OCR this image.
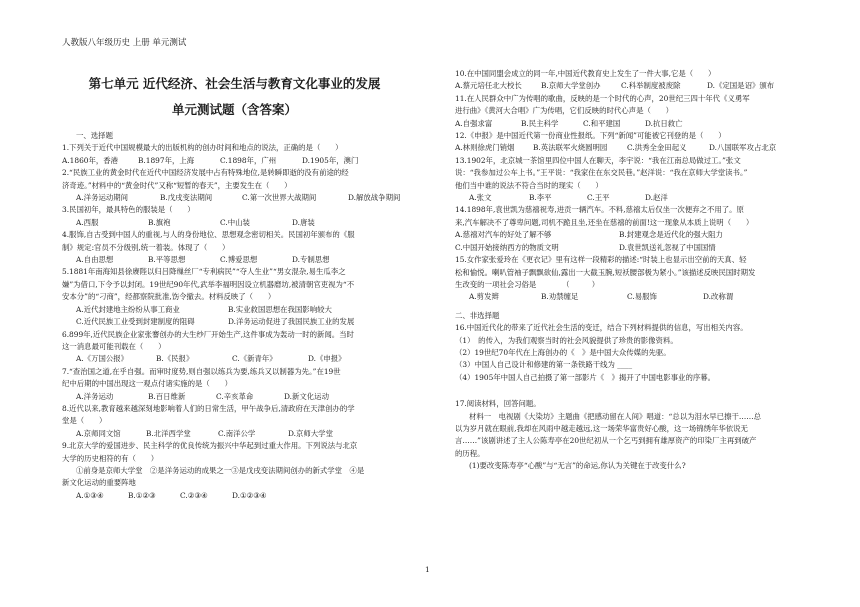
人教版八年级历史 上册 单元测试
第七单元 近代经济、社会生活与教育文化事业的发展
单元测试题（含答案）
一、选择题
1.下列关于近代中国规模最大的出版机构的创办时间和地点的说法，正确的是（　　）
A.1860年，香港	B.1897年，上海	C.1898年，广州	D.1905年，澳门
2.“民族工业的黄金时代在近代中国经济发展中占有特殊地位,是转瞬即逝的没有前途的经
济奇迹。”材料中的“黄金时代”又称“短暂的春天”，主要发生在（　　）
A.洋务运动期间	B.戊戌变法期间	C.第一次世界大战期间	D.解放战争期间
3.民国初年，最具特色的服装是（　　）
A.西服	B.旗袍	C.中山装	D.唐装
4.服饰,自古受到中国人的重视,与人的身份地位、思想观念密切相关。民国初年颁布的《服
制》规定:官员不分级别,统一着装。体现了（　　）
A.自由思想	B.平等思想	C.博爱思想	D.专制思想
5.1881年南海知县徐赓陛以归吕降缫丝厂“专利病民”“夺人生业”“男女混杂,易生瓜李之
嫌”为借口,下令予以封闭。19世纪90年代,武举李福明因设立机器磨坊,被清朝官吏视为“不
安本分”的“刁商”，经都察院批准,饬令撤去。材料反映了（　　）
A.近代封建地主纷纷从事工商业	B.实业救国思想在我国影响较大
C.近代民族工业受到封建制度的阻碍	D.洋务运动促进了我国民族工业的发展
6.899年,近代民族企业家张謇创办的大生纱厂开始生产,这件事成为轰动一时的新闻。当时
这一消息最可能刊载在（　　）
A.《万国公报》	B.《民报》	C.《新青年》	D.《申报》
7.“查治国之道,在乎自强。而审时度势,则自强以练兵为要,练兵又以制器为先。”在19世
纪中后期的中国出现这一观点付诸实施的是（　　）
A.洋务运动	B.百日维新	C.辛亥革命	D.新文化运动
8.近代以来,教育越来越深刻地影响着人们的日常生活，甲午战争后,清政府在天津创办的学
堂是（　　）
A.京师同文馆	B.北洋西学堂	C.南洋公学	D.京师大学堂
9.北京大学的爱国进步、民主科学的优良传统为振兴中华起到过重大作用。下列说法与北京
大学的历史相符的有（　　）
①前身是京师大学堂　②是洋务运动的成果之一③是戊戌变法期间创办的新式学堂　④是
新文化运动的重要阵地
A.①③④	B.①②③	C.②③④	D.①②③④
10.在中国同盟会成立的同一年,中国近代教育史上发生了一件大事,它是（　　）
A.蔡元培任北大校长	B.京师大学堂创办	C.科举制度被废除	D.《定国是诏》颁布
11.在人民群众中广为传唱的歌曲，反映的是一个时代的心声，20世纪三四十年代《义勇军
进行曲》《黄河大合唱》广为传唱，它们反映的时代心声是（　　）
A.自强求富	B.民主科学	C.和平建国	D.抗日救亡
12.《申报》是中国近代第一份商业性报纸。下列“新闻”可能被它刊登的是（　　）
A.林则徐虎门销烟	B.英法联军火烧圆明园	C.洪秀全金田起义	D.八国联军攻占北京
13.1902年，北京城一茶馆里四位中国人在聊天，李宇说：“我在江南总局做过工。”张文
说：“我参加过公车上书。”王平说：“我家住在东交民巷。”赵洋说：“我在京师大学堂读书。”
他们当中谁的说法不符合当时的现实（　　）
A.张文	B.李平	C.王平	D.赵洋
14.1898年,袁世凯为慈禧祝寿,进贡一辆汽车。不料,慈禧太后仅坐一次便弃之不用了。原
来,汽车解决不了尊卑问题,司机不跪且坐,还坐在慈禧的前面!这一现象从本质上说明（　　）
A.慈禧对汽车的好处了解不够	B.封建观念是近代化的强大阻力
C.中国开始接纳西方的物质文明	D.袁世凯送礼忽视了中国国情
15.女作家张爱玲在《更衣记》里有这样一段精彩的描述:“时装上也显示出空前的天真、轻
松和愉悦。喇叭管袖子飘飘欲仙,露出一大截玉腕,短袄腰部极为紧小。”该描述反映民国时期发
生改变的一项社会习俗是　　　　（　　　）
A.剪发辫	B.劝禁缠足	C.易服饰	D.改称谓
二、非选择题
16.中国近代化的带来了近代社会生活的变迁，结合下列材料提供的信息，写出相关内容。
（1）　的传入，为我们观察当时的社会风貌提供了珍贵的影像资料。
（2）19世纪70年代在上海创办的《　》是中国大众传媒的先驱。
（3）中国人自己设计和修建的第一条铁路干线为 ____
（4）1905年中国人自己拍摄了第一部影片《　》揭开了中国电影事业的序幕。
17.阅读材料，回答问题。
材料一　电视剧《大染坊》主题曲《把感动留在人间》唱道：“总以为泪水早已擦干……总
以为岁月就在眼前,我却在风雨中越走越远,这一场荣华富贵好心酸，这一场锦绣年华依说无
言……”该剧讲述了主人公陈寿亭在20世纪初从一个乞丐到拥有雄厚资产的印染厂主再到破产
的历程。
(1)要改变陈寿亭“心酸”与“无言”的命运,你认为关键在于改变什么?
1
